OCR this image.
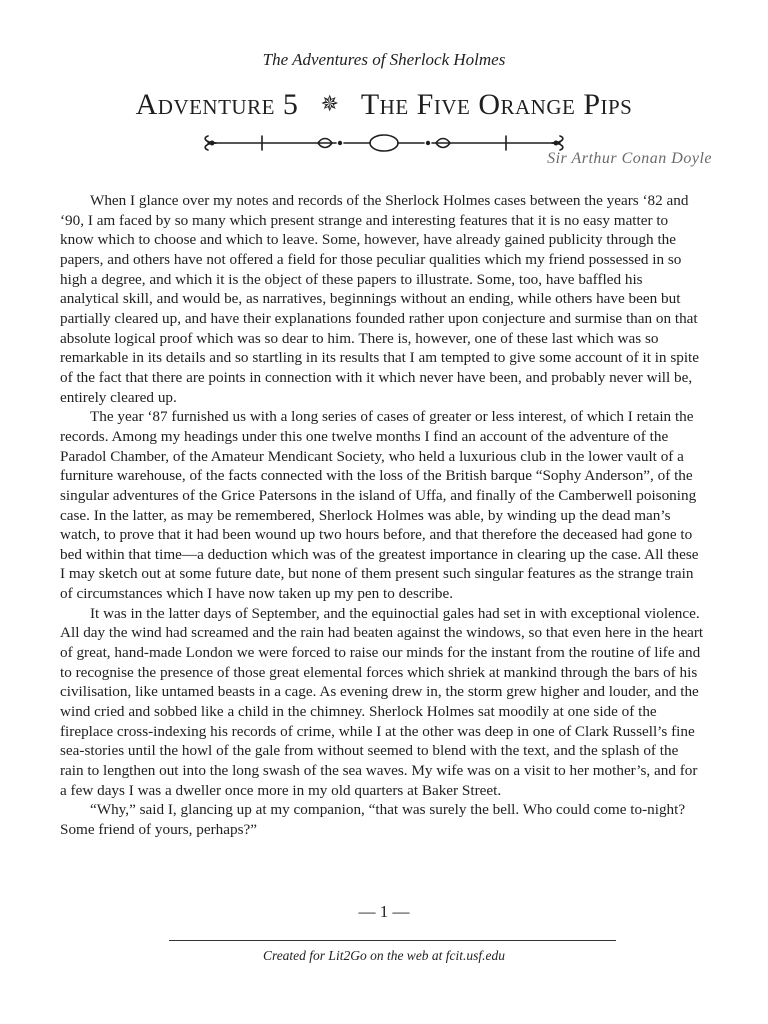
The Adventures of Sherlock Holmes
Adventure 5 ✵ The Five Orange Pips
Sir Arthur Conan Doyle

When I glance over my notes and records of the Sherlock Holmes cases between the years ‘82 and ‘90, I am faced by so many which present strange and interesting features that it is no easy matter to know which to choose and which to leave. Some, however, have already gained publicity through the papers, and others have not offered a field for those peculiar qualities which my friend possessed in so high a degree, and which it is the object of these papers to illustrate. Some, too, have baffled his analytical skill, and would be, as narratives, beginnings without an ending, while others have been but partially cleared up, and have their explanations founded rather upon conjecture and surmise than on that absolute logical proof which was so dear to him. There is, however, one of these last which was so remarkable in its details and so startling in its results that I am tempted to give some account of it in spite of the fact that there are points in connection with it which never have been, and probably never will be, entirely cleared up.

The year ‘87 furnished us with a long series of cases of greater or less interest, of which I retain the records. Among my headings under this one twelve months I find an account of the adventure of the Paradol Chamber, of the Amateur Mendicant Society, who held a luxurious club in the lower vault of a furniture warehouse, of the facts connected with the loss of the British barque “Sophy Anderson”, of the singular adventures of the Grice Patersons in the island of Uffa, and finally of the Camberwell poisoning case. In the latter, as may be remembered, Sherlock Holmes was able, by winding up the dead man’s watch, to prove that it had been wound up two hours before, and that therefore the deceased had gone to bed within that time—a deduction which was of the greatest importance in clearing up the case. All these I may sketch out at some future date, but none of them present such singular features as the strange train of circumstances which I have now taken up my pen to describe.

It was in the latter days of September, and the equinoctial gales had set in with exceptional violence. All day the wind had screamed and the rain had beaten against the windows, so that even here in the heart of great, hand-made London we were forced to raise our minds for the instant from the routine of life and to recognise the presence of those great elemental forces which shriek at mankind through the bars of his civilisation, like untamed beasts in a cage. As evening drew in, the storm grew higher and louder, and the wind cried and sobbed like a child in the chimney. Sherlock Holmes sat moodily at one side of the fireplace cross-indexing his records of crime, while I at the other was deep in one of Clark Russell’s fine sea-stories until the howl of the gale from without seemed to blend with the text, and the splash of the rain to lengthen out into the long swash of the sea waves. My wife was on a visit to her mother’s, and for a few days I was a dweller once more in my old quarters at Baker Street.

“Why,” said I, glancing up at my companion, “that was surely the bell. Who could come to-night? Some friend of yours, perhaps?”

— 1 —
Created for Lit2Go on the web at fcit.usf.edu
